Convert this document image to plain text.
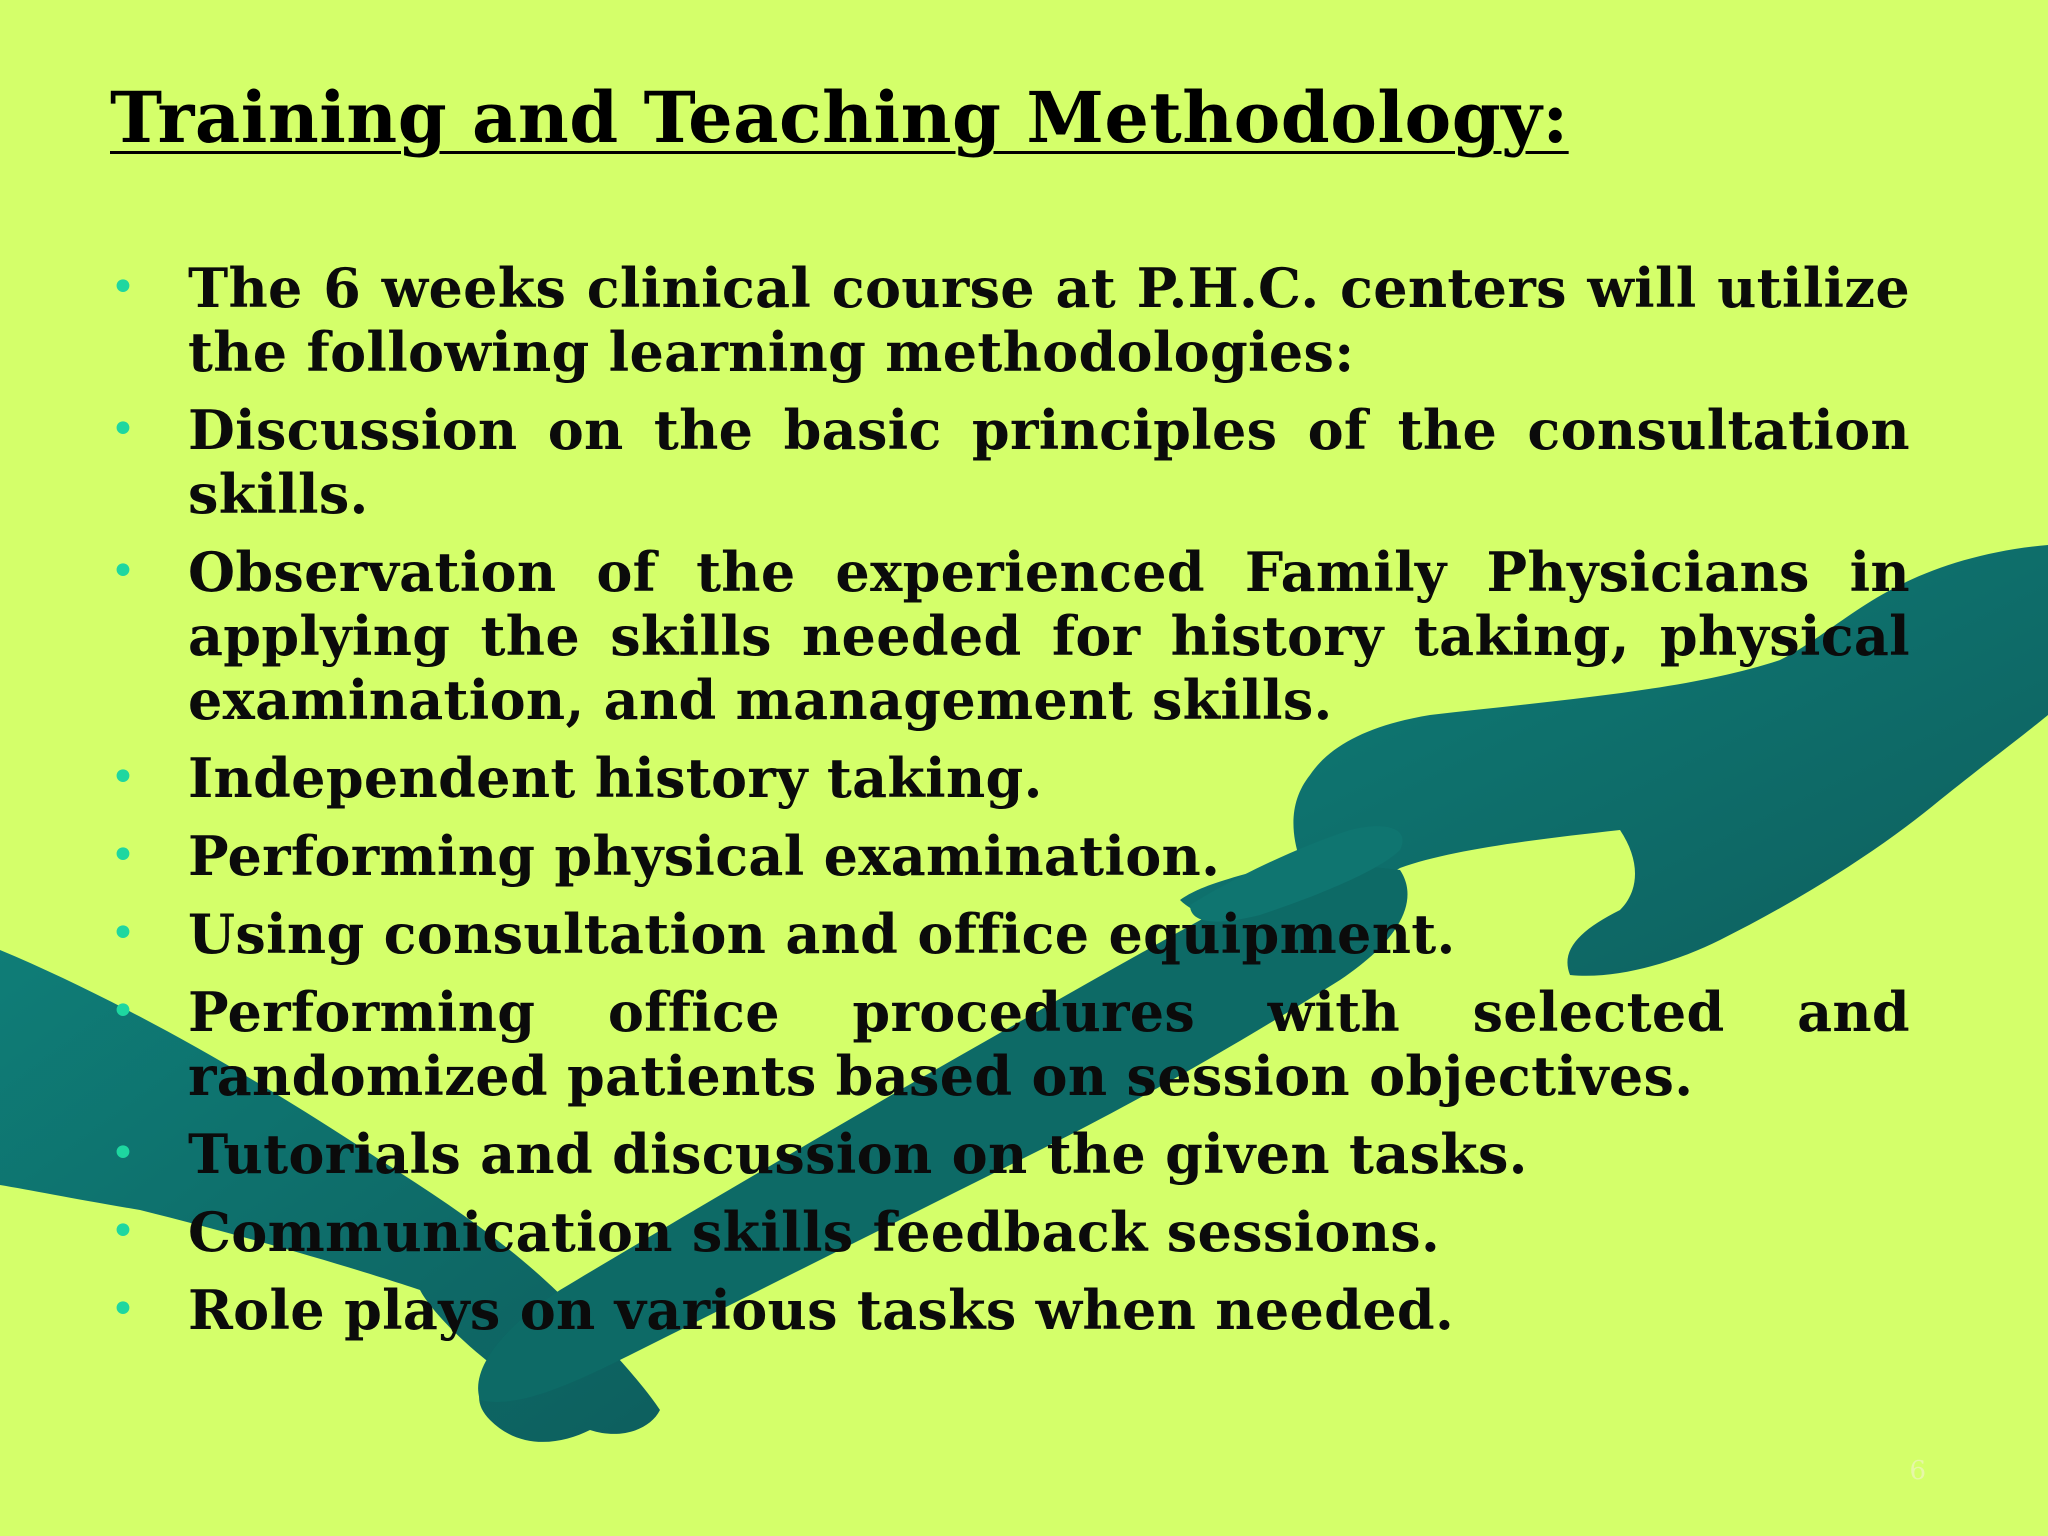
Training and Teaching Methodology:
• The 6 weeks clinical course at P.H.C. centers will utilize the following learning methodologies:
• Discussion on the basic principles of the consultation skills.
• Observation of the experienced Family Physicians in applying the skills needed for history taking, physical examination, and management skills.
• Independent history taking.
• Performing physical examination.
• Using consultation and office equipment.
• Performing office procedures with selected and randomized patients based on session objectives.
• Tutorials and discussion on the given tasks.
• Communication skills feedback sessions.
• Role plays on various tasks when needed.
6
